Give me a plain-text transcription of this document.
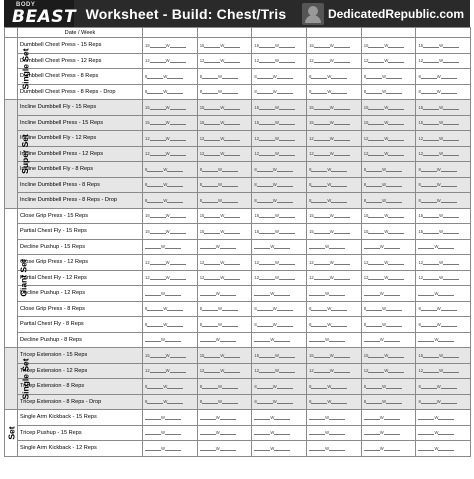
BODY
BEAST Worksheet - Build: Chest/Tris	DedicatedRepublic.com
	Date / Week						
Single Set	Dumbbell Chest Press - 15 Reps	15 W	15 W	15 W	15 W	15 W	15 W
	Dumbbell Chest Press - 12 Reps	12 W	12 W	12 W	12 W	12 W	12 W
	Dumbbell Chest Press - 8 Reps	8 W	8 W	8 W	8 W	8 W	8 W
	Dumbbell Chest Press - 8 Reps - Drop	8 W	8 W	8 W	8 W	8 W	8 W
Super Set	Incline Dumbbell Fly - 15 Reps	15 W	15 W	15 W	15 W	15 W	15 W
	Incline Dumbbell Press - 15 Reps	15 W	15 W	15 W	15 W	15 W	15 W
	Incline Dumbbell Fly - 12 Reps	12 W	12 W	12 W	12 W	12 W	12 W
	Incline Dumbbell Press - 12 Reps	12 W	12 W	12 W	12 W	12 W	12 W
	Incline Dumbbell Fly - 8 Reps	8 W	8 W	8 W	8 W	8 W	8 W
	Incline Dumbbell Press - 8 Reps	8 W	8 W	8 W	8 W	8 W	8 W
	Incline Dumbbell Press - 8 Reps - Drop	8 W	8 W	8 W	8 W	8 W	8 W
Giant Set	Close Grip Press - 15 Reps	15 W	15 W	15 W	15 W	15 W	15 W
	Partial Chest Fly - 15 Reps	15 W	15 W	15 W	15 W	15 W	15 W
	Decline Pushup - 15 Reps	W	W	W	W	W	W
	Close Grip Press - 12 Reps	12 W	12 W	12 W	12 W	12 W	12 W
	Partial Chest Fly - 12 Reps	12 W	12 W	12 W	12 W	12 W	12 W
	Decline Pushup - 12 Reps	W	W	W	W	W	W
	Close Grip Press - 8 Reps	8 W	8 W	8 W	8 W	8 W	8 W
	Partial Chest Fly - 8 Reps	8 W	8 W	8 W	8 W	8 W	8 W
	Decline Pushup - 8 Reps	W	W	W	W	W	W
Single Set	Tricep Extension - 15 Reps	15 W	15 W	15 W	15 W	15 W	15 W
	Tricep Extension - 12 Reps	12 W	12 W	12 W	12 W	12 W	12 W
	Tricep Extension - 8 Reps	8 W	8 W	8 W	8 W	8 W	8 W
	Tricep Extension - 8 Reps - Drop	8 W	8 W	8 W	8 W	8 W	8 W
Set	Single Arm Kickback - 15 Reps	W	W	W	W	W	W
	Tricep Pushup - 15 Reps	W	W	W	W	W	W
	Single Arm Kickback - 12 Reps	W	W	W	W	W	W
